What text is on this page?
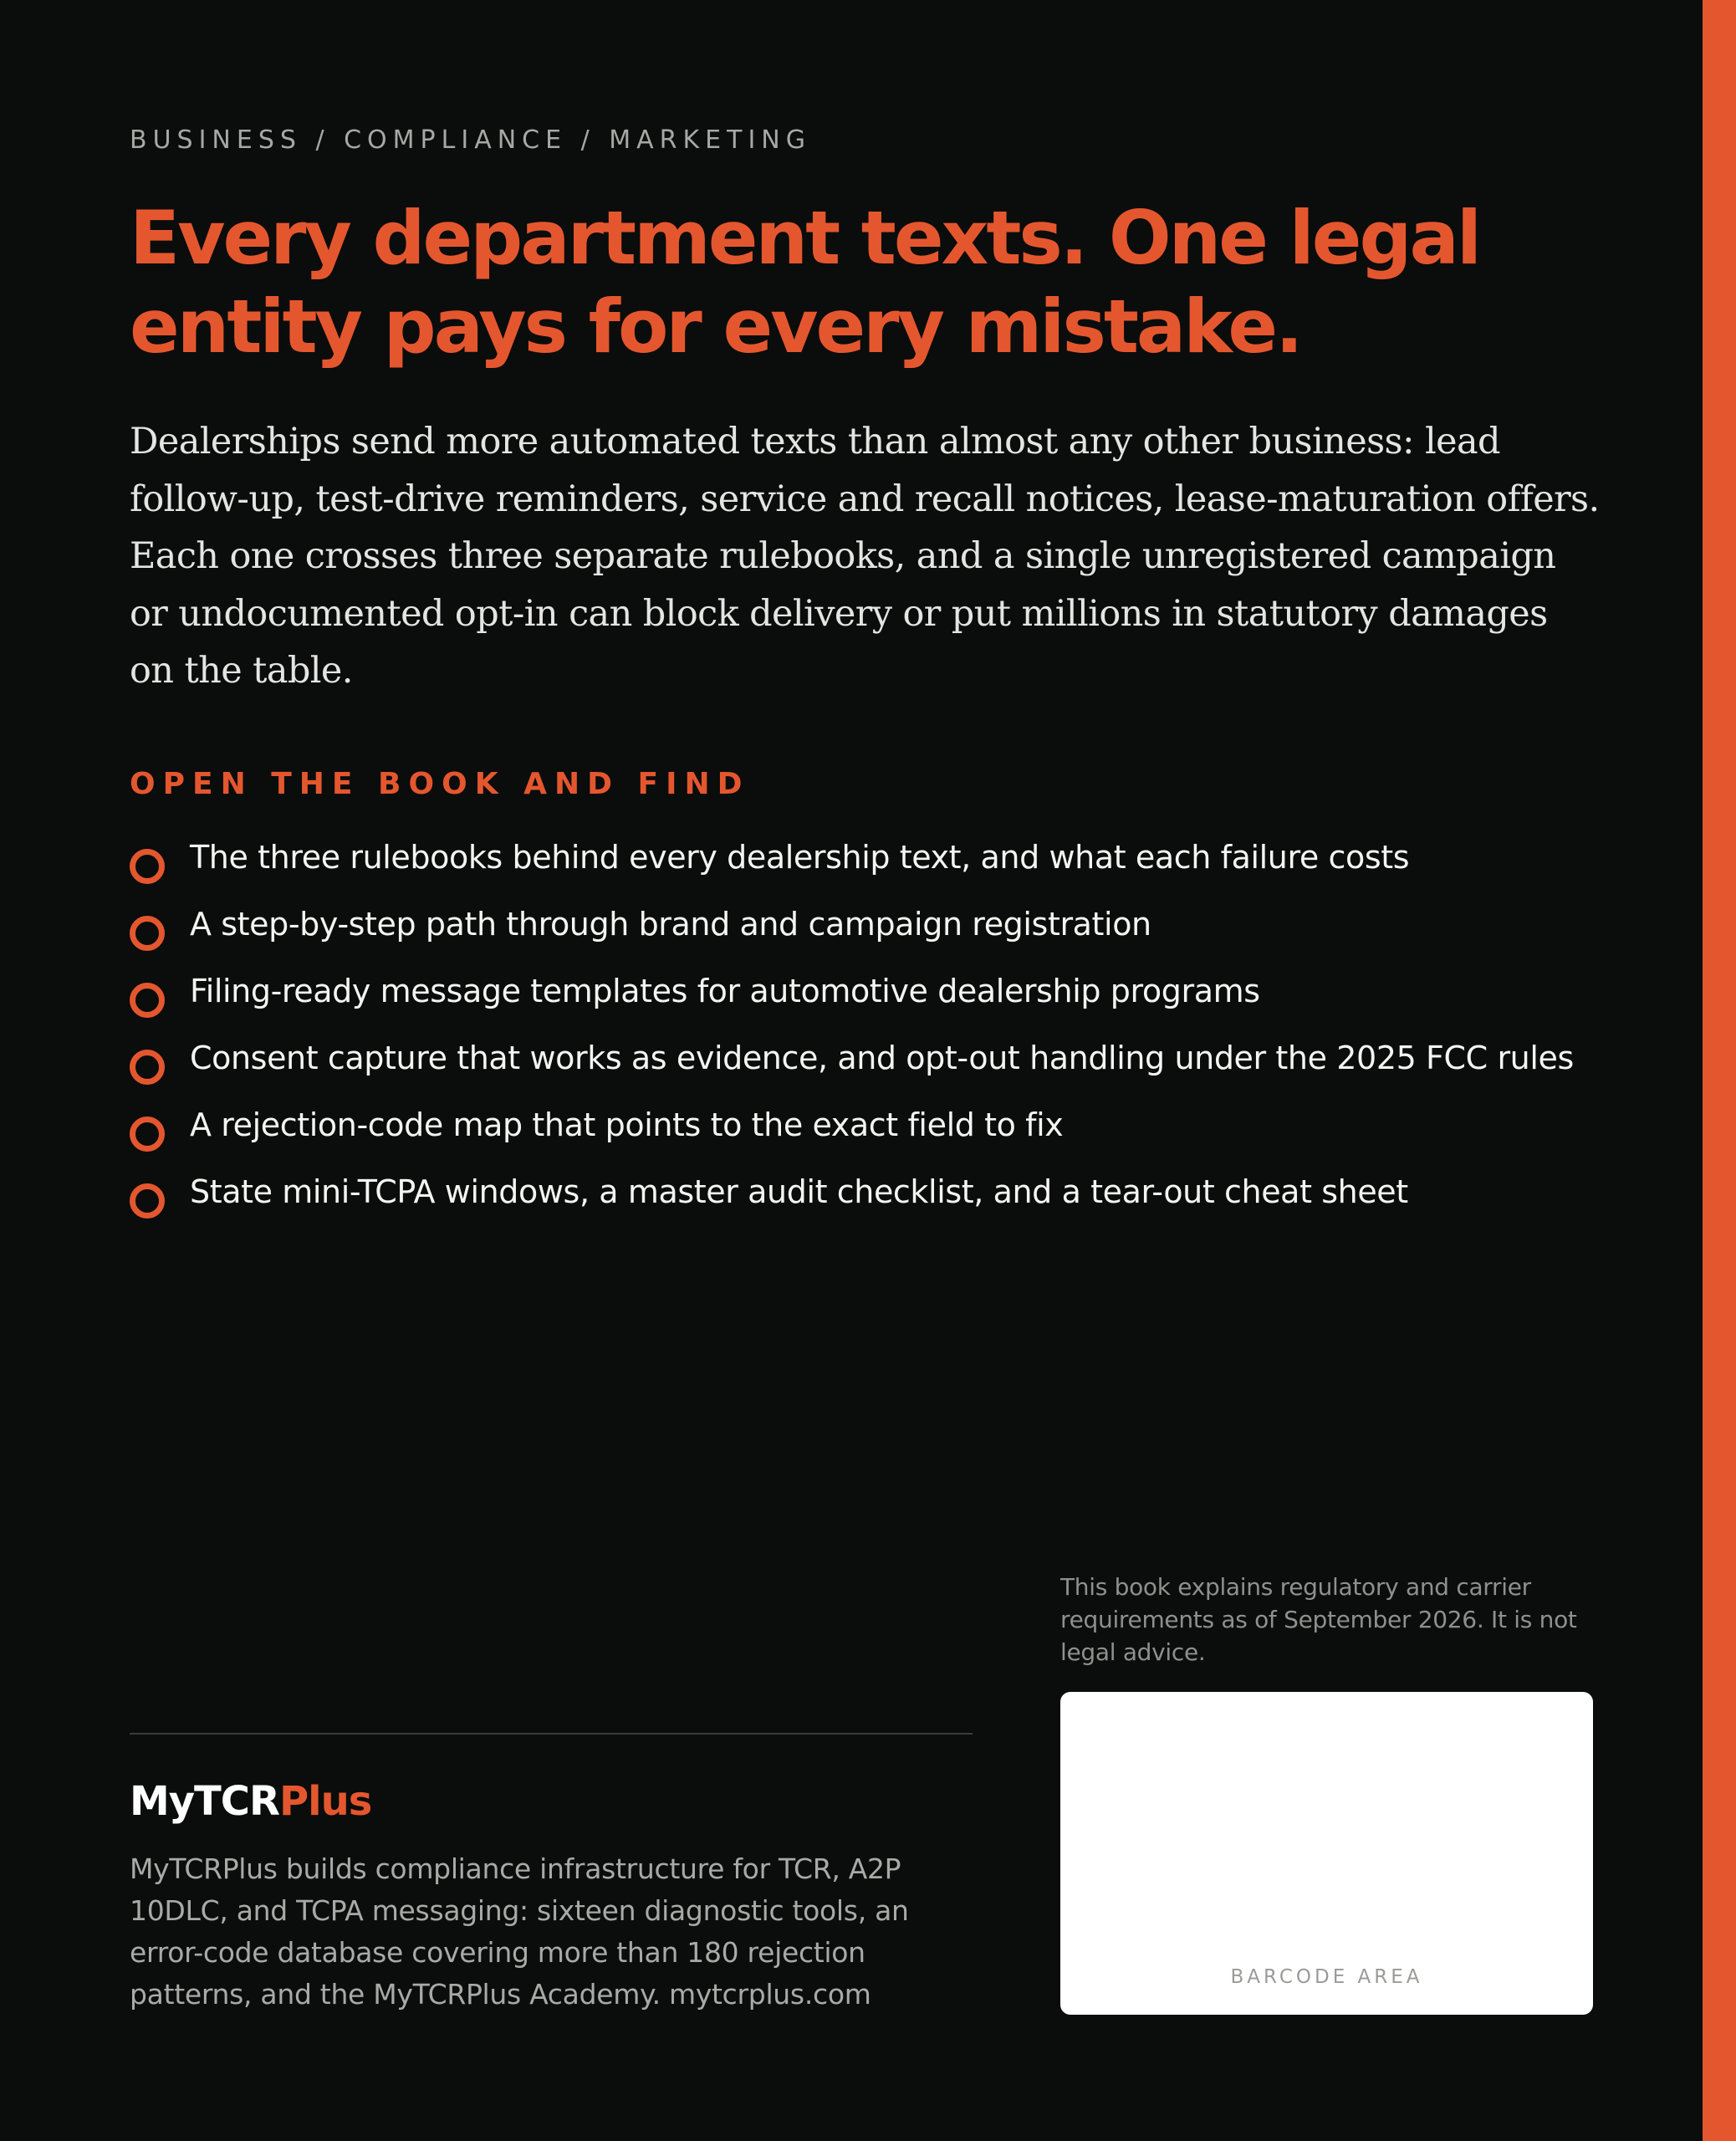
BUSINESS / COMPLIANCE / MARKETING
Every department texts. One legal entity pays for every mistake.

Dealerships send more automated texts than almost any other business: lead follow-up, test-drive reminders, service and recall notices, lease-maturation offers. Each one crosses three separate rulebooks, and a single unregistered campaign or undocumented opt-in can block delivery or put millions in statutory damages on the table.

OPEN THE BOOK AND FIND
The three rulebooks behind every dealership text, and what each failure costs
A step-by-step path through brand and campaign registration
Filing-ready message templates for automotive dealership programs
Consent capture that works as evidence, and opt-out handling under the 2025 FCC rules
A rejection-code map that points to the exact field to fix
State mini-TCPA windows, a master audit checklist, and a tear-out cheat sheet
MyTCRPlus

MyTCRPlus builds compliance infrastructure for TCR, A2P 10DLC, and TCPA messaging: sixteen diagnostic tools, an error-code database covering more than 180 rejection patterns, and the MyTCRPlus Academy. mytcrplus.com

This book explains regulatory and carrier requirements as of September 2026. It is not legal advice.

BARCODE AREA
